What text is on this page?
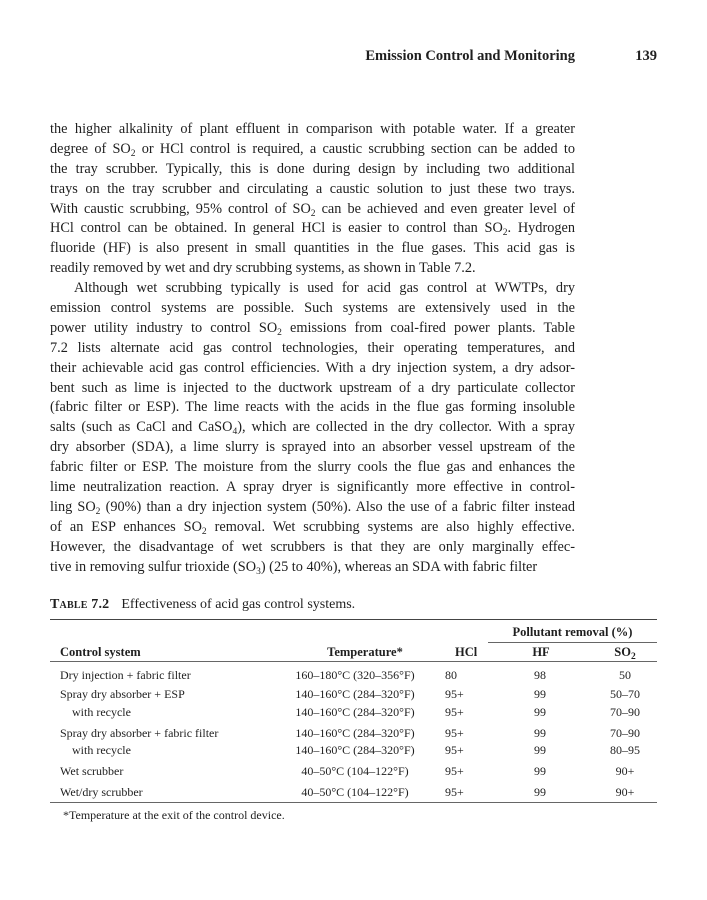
Emission Control and Monitoring	139
the higher alkalinity of plant effluent in comparison with potable water. If a greater
degree of $SO_2$ or HCl control is required, a caustic scrubbing section can be added to
the tray scrubber. Typically, this is done during design by including two additional
trays on the tray scrubber and circulating a caustic solution to just these two trays.
With caustic scrubbing, 95% control of $SO_2$ can be achieved and even greater level of
HCl control can be obtained. In general HCl is easier to control than $SO_2$. Hydrogen
fluoride (HF) is also present in small quantities in the flue gases. This acid gas is
readily removed by wet and dry scrubbing systems, as shown in Table 7.2.
Although wet scrubbing typically is used for acid gas control at WWTPs, dry
emission control systems are possible. Such systems are extensively used in the
power utility industry to control $SO_2$ emissions from coal-fired power plants. Table
7.2 lists alternate acid gas control technologies, their operating temperatures, and
their achievable acid gas control efficiencies. With a dry injection system, a dry adsor-
bent such as lime is injected to the ductwork upstream of a dry particulate collector
(fabric filter or ESP). The lime reacts with the acids in the flue gas forming insoluble
salts (such as CaCl and CaSO$_4$), which are collected in the dry collector. With a spray
dry absorber (SDA), a lime slurry is sprayed into an absorber vessel upstream of the
fabric filter or ESP. The moisture from the slurry cools the flue gas and enhances the
lime neutralization reaction. A spray dryer is significantly more effective in control-
ling $SO_2$ (90%) than a dry injection system (50%). Also the use of a fabric filter instead
of an ESP enhances $SO_2$ removal. Wet scrubbing systems are also highly effective.
However, the disadvantage of wet scrubbers is that they are only marginally effec-
tive in removing sulfur trioxide $(SO_3)$ (25 to 40%), whereas an SDA with fabric filter
Table 7.2 Effectiveness of acid gas control systems.
Pollutant removal (%)
Control system	Temperature*	HCl	HF	$SO_2$
Dry injection + fabric filter	160–180°C (320–356°F)	80	98	50
Spray dry absorber + ESP	140–160°C (284–320°F)	95+	99	50–70
with recycle	140–160°C (284–320°F)	95+	99	70–90
Spray dry absorber + fabric filter	140–160°C (284–320°F)	95+	99	70–90
with recycle	140–160°C (284–320°F)	95+	99	80–95
Wet scrubber	40–50°C (104–122°F)	95+	99	90+
Wet/dry scrubber	40–50°C (104–122°F)	95+	99	90+
*Temperature at the exit of the control device.
